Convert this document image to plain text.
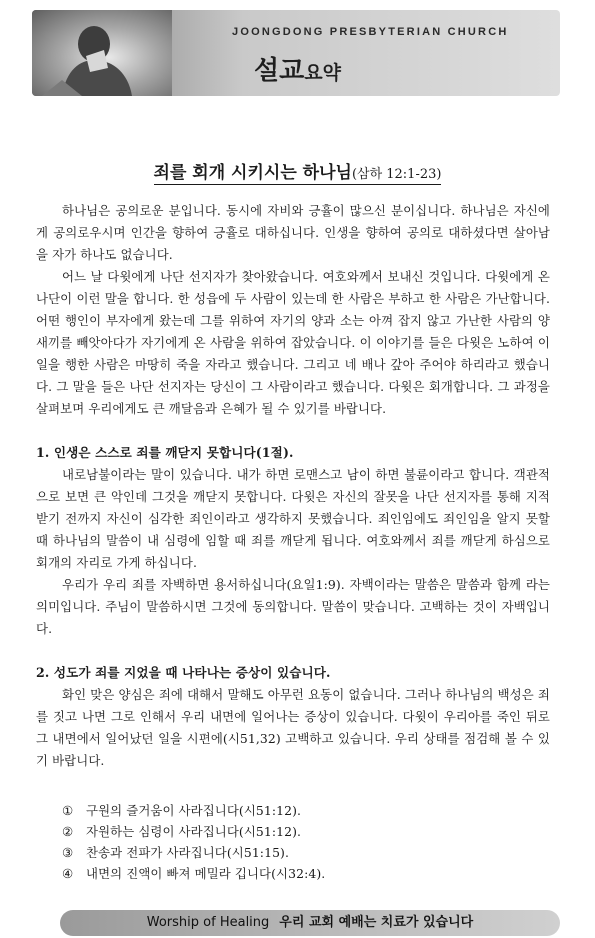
JOONGDONG PRESBYTERIAN CHURCH
설교요약
죄를 회개 시키시는 하나님(삼하 12:1-23)

하나님은 공의로운 분입니다. 동시에 자비와 긍휼이 많으신 분이십니다. 하나님은 자신에게 공의로우시며 인간을 향하여 긍휼로 대하십니다. 인생을 향하여 공의로 대하셨다면 살아남을 자가 하나도 없습니다.

어느 날 다윗에게 나단 선지자가 찾아왔습니다. 여호와께서 보내신 것입니다. 다윗에게 온 나단이 이런 말을 합니다. 한 성읍에 두 사람이 있는데 한 사람은 부하고 한 사람은 가난합니다. 어떤 행인이 부자에게 왔는데 그를 위하여 자기의 양과 소는 아껴 잡지 않고 가난한 사람의 양 새끼를 빼앗아다가 자기에게 온 사람을 위하여 잡았습니다. 이 이야기를 들은 다윗은 노하여 이 일을 행한 사람은 마땅히 죽을 자라고 했습니다. 그리고 네 배나 갚아 주어야 하리라고 했습니다. 그 말을 들은 나단 선지자는 당신이 그 사람이라고 했습니다. 다윗은 회개합니다. 그 과정을 살펴보며 우리에게도 큰 깨달음과 은혜가 될 수 있기를 바랍니다.

1. 인생은 스스로 죄를 깨닫지 못합니다(1절).

내로남불이라는 말이 있습니다. 내가 하면 로맨스고 남이 하면 불륜이라고 합니다. 객관적으로 보면 큰 악인데 그것을 깨닫지 못합니다. 다윗은 자신의 잘못을 나단 선지자를 통해 지적받기 전까지 자신이 심각한 죄인이라고 생각하지 못했습니다. 죄인임에도 죄인임을 알지 못할 때 하나님의 말씀이 내 심령에 임할 때 죄를 깨닫게 됩니다. 여호와께서 죄를 깨닫게 하심으로 회개의 자리로 가게 하십니다.

우리가 우리 죄를 자백하면 용서하십니다(요일1:9). 자백이라는 말씀은 말씀과 함께 라는 의미입니다. 주님이 말씀하시면 그것에 동의합니다. 말씀이 맞습니다. 고백하는 것이 자백입니다.

2. 성도가 죄를 지었을 때 나타나는 증상이 있습니다.

화인 맞은 양심은 죄에 대해서 말해도 아무런 요동이 없습니다. 그러나 하나님의 백성은 죄를 짓고 나면 그로 인해서 우리 내면에 일어나는 증상이 있습니다. 다윗이 우리아를 죽인 뒤로 그 내면에서 일어났던 일을 시편에(시51,32) 고백하고 있습니다. 우리 상태를 점검해 볼 수 있기 바랍니다.

①	구원의 즐거움이 사라집니다(시51:12).
②	자원하는 심령이 사라집니다(시51:12).
③	찬송과 전파가 사라집니다(시51:15).
④	내면의 진액이 빠져 메밀라 깁니다(시32:4).
Worship of Healing 우리 교회 예배는 치료가 있습니다
